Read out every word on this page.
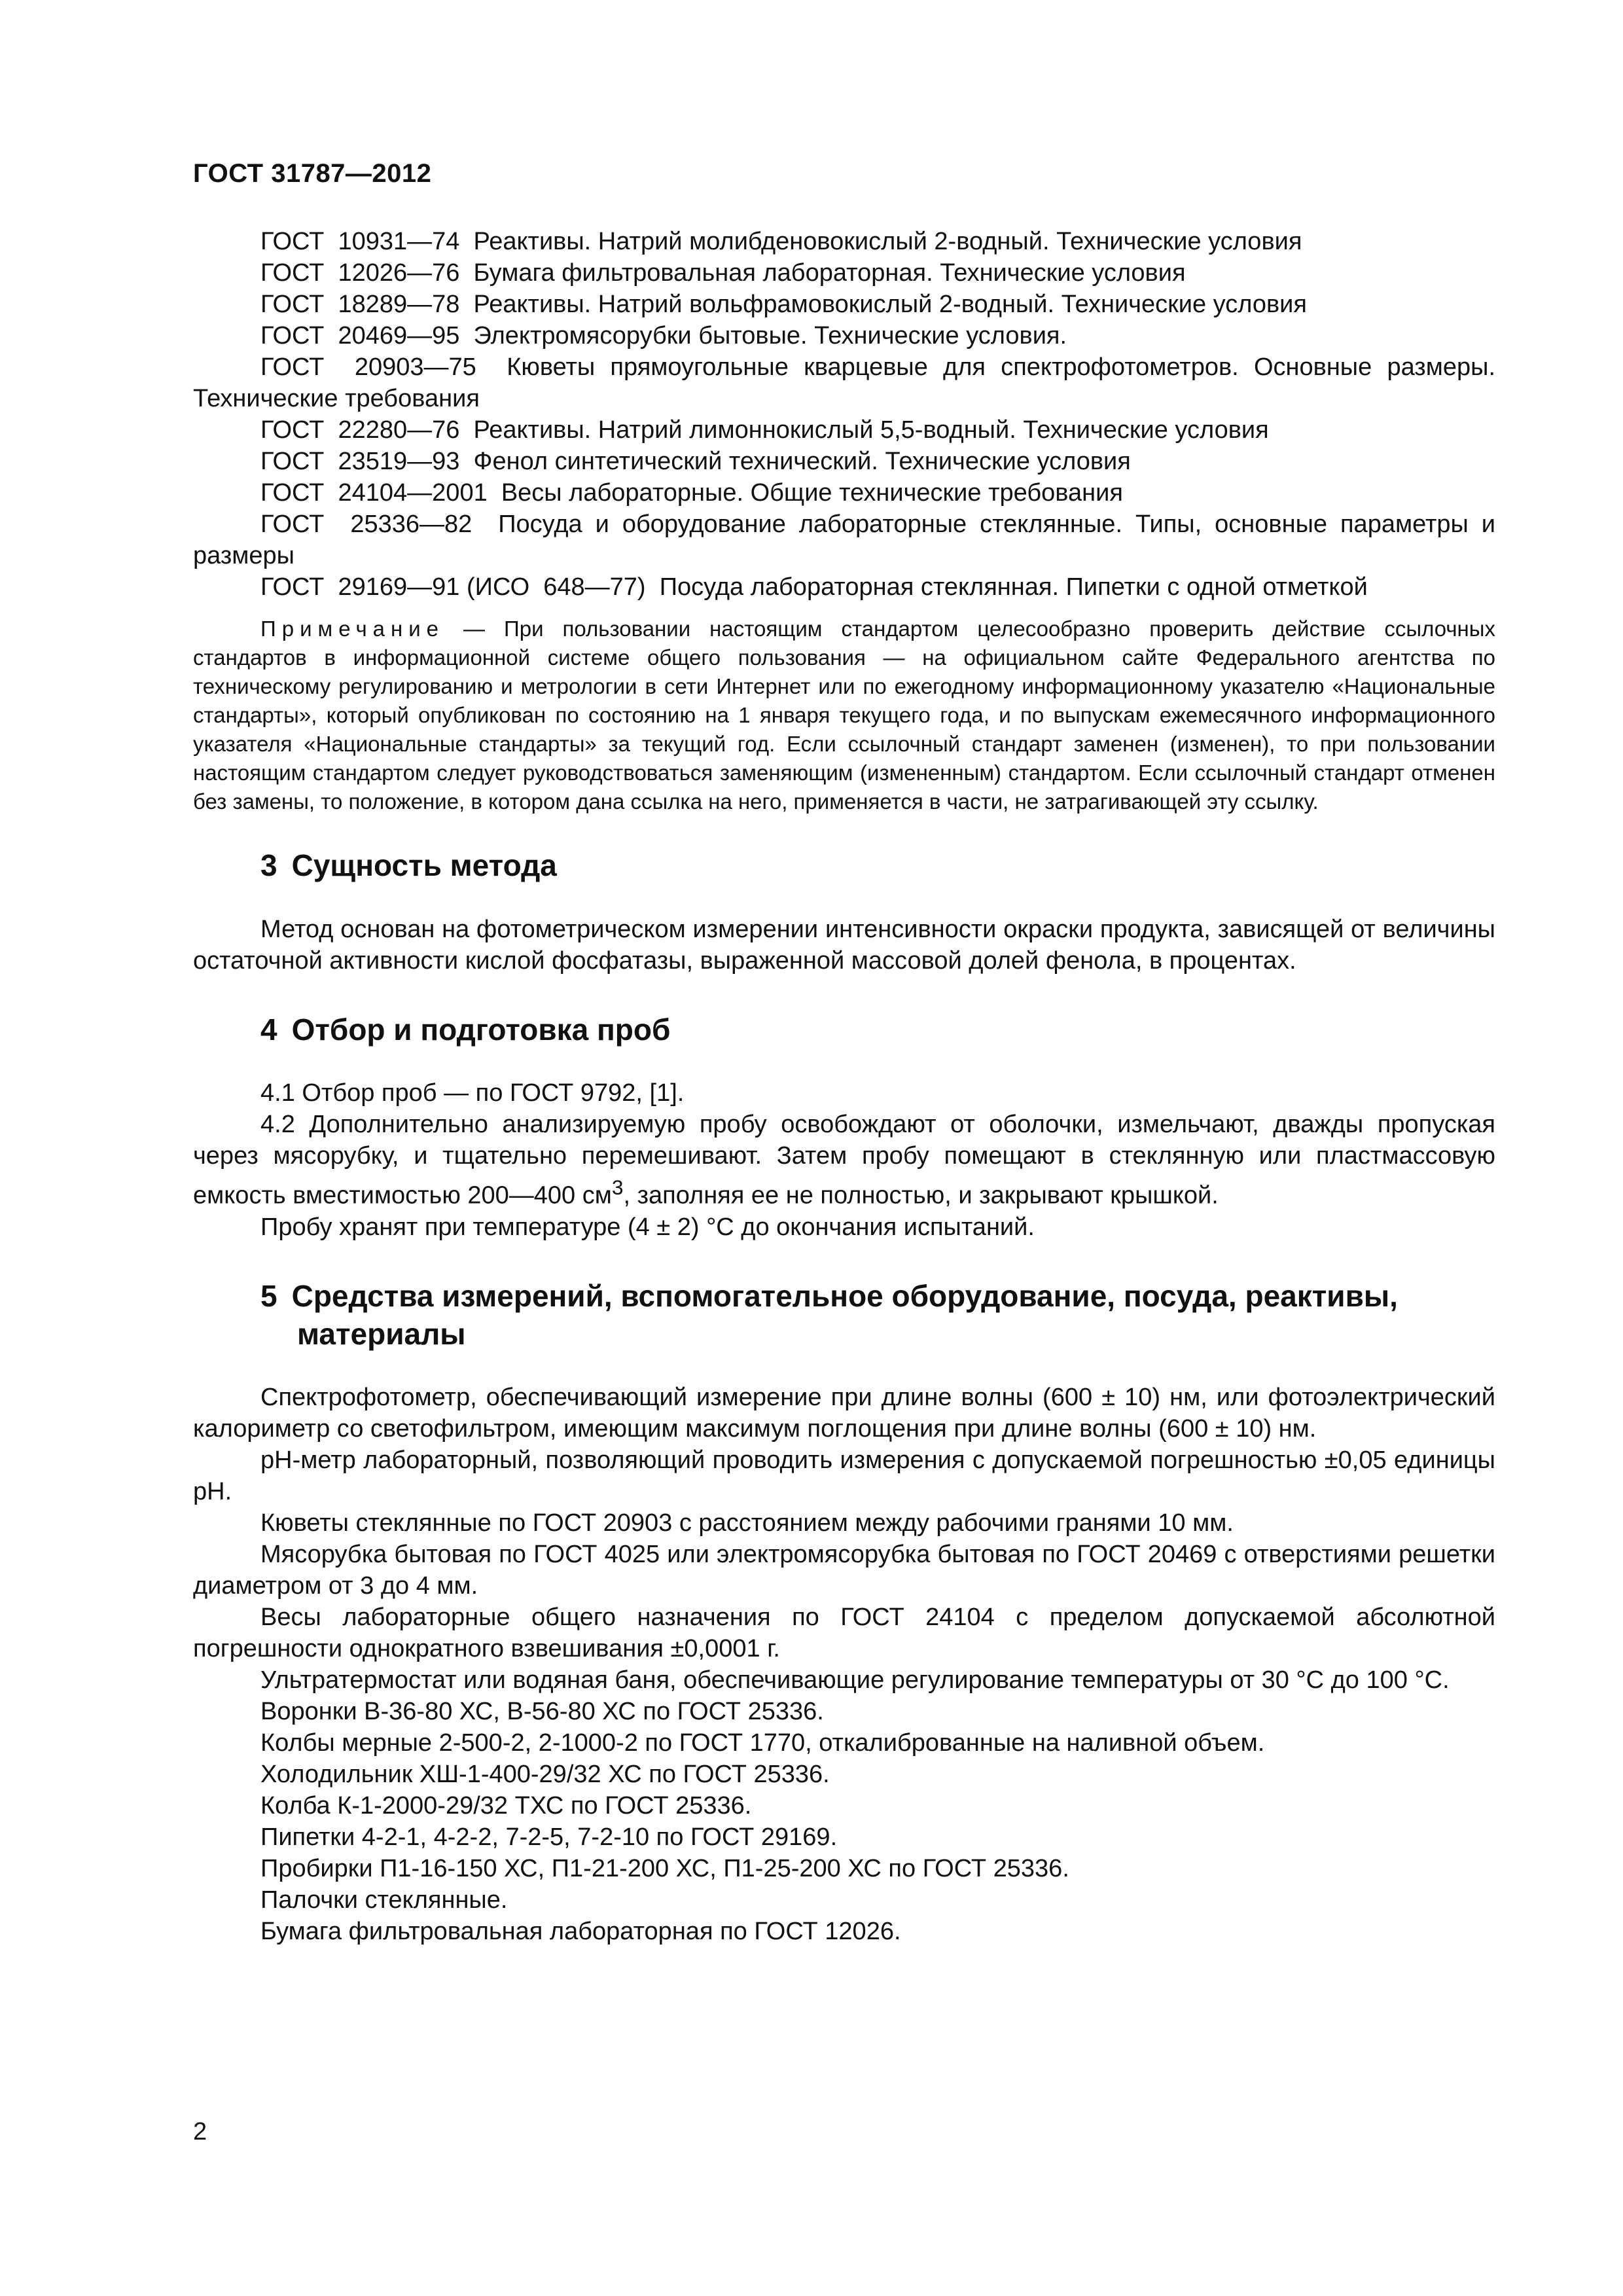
ГОСТ 31787—2012

ГОСТ  10931—74  Реактивы. Натрий молибденовокислый 2-водный. Технические условия

ГОСТ  12026—76  Бумага фильтровальная лабораторная. Технические условия

ГОСТ  18289—78  Реактивы. Натрий вольфрамовокислый 2-водный. Технические условия

ГОСТ  20469—95  Электромясорубки бытовые. Технические условия.

ГОСТ  20903—75  Кюветы прямоугольные кварцевые для спектрофотометров. Основные размеры. Технические требования

ГОСТ  22280—76  Реактивы. Натрий лимоннокислый 5,5-водный. Технические условия

ГОСТ  23519—93  Фенол синтетический технический. Технические условия

ГОСТ  24104—2001  Весы лабораторные. Общие технические требования

ГОСТ  25336—82  Посуда и оборудование лабораторные стеклянные. Типы, основные параметры и размеры

ГОСТ  29169—91 (ИСО  648—77)  Посуда лабораторная стеклянная. Пипетки с одной отметкой

Примечание — При пользовании настоящим стандартом целесообразно проверить действие ссылочных стандартов в информационной системе общего пользования — на официальном сайте Федерального агентства по техническому регулированию и метрологии в сети Интернет или по ежегодному информационному указателю «Национальные стандарты», который опубликован по состоянию на 1 января текущего года, и по выпускам ежемесячного информационного указателя «Национальные стандарты» за текущий год. Если ссылочный стандарт заменен (изменен), то при пользовании настоящим стандартом следует руководствоваться заменяющим (измененным) стандартом. Если ссылочный стандарт отменен без замены, то положение, в котором дана ссылка на него, применяется в части, не затрагивающей эту ссылку.

3 Сущность метода

Метод основан на фотометрическом измерении интенсивности окраски продукта, зависящей от величины остаточной активности кислой фосфатазы, выраженной массовой долей фенола, в процентах.

4 Отбор и подготовка проб

4.1 Отбор проб — по ГОСТ 9792, [1].

4.2 Дополнительно анализируемую пробу освобождают от оболочки, измельчают, дважды пропуская через мясорубку, и тщательно перемешивают. Затем пробу помещают в стеклянную или пластмассовую емкость вместимостью 200—400 $см^3$, заполняя ее не полностью, и закрывают крышкой.

Пробу хранят при температуре (4 ± 2) °С до окончания испытаний.

5 Средства измерений, вспомогательное оборудование, посуда, реактивы, материалы

Спектрофотометр, обеспечивающий измерение при длине волны (600 ± 10) нм, или фотоэлектрический калориметр со светофильтром, имеющим максимум поглощения при длине волны (600 ± 10) нм.

рН-метр лабораторный, позволяющий проводить измерения с допускаемой погрешностью ±0,05 единицы рН.

Кюветы стеклянные по ГОСТ 20903 с расстоянием между рабочими гранями 10 мм.

Мясорубка бытовая по ГОСТ 4025 или электромясорубка бытовая по ГОСТ 20469 с отверстиями решетки диаметром от 3 до 4 мм.

Весы лабораторные общего назначения по ГОСТ 24104 с пределом допускаемой абсолютной погрешности однократного взвешивания ±0,0001 г.

Ультратермостат или водяная баня, обеспечивающие регулирование температуры от 30 °С до 100 °С.

Воронки В-36-80 ХС, В-56-80 ХС по ГОСТ 25336.

Колбы мерные 2-500-2, 2-1000-2 по ГОСТ 1770, откалиброванные на наливной объем.

Холодильник ХШ-1-400-29/32 ХС по ГОСТ 25336.

Колба К-1-2000-29/32 ТХС по ГОСТ 25336.

Пипетки 4-2-1, 4-2-2, 7-2-5, 7-2-10 по ГОСТ 29169.

Пробирки П1-16-150 ХС, П1-21-200 ХС, П1-25-200 ХС по ГОСТ 25336.

Палочки стеклянные.

Бумага фильтровальная лабораторная по ГОСТ 12026.

2
